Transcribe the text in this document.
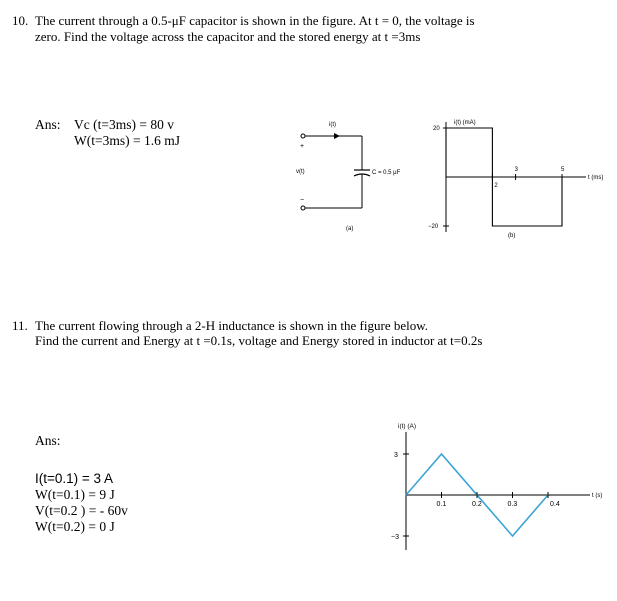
10. The current through a 0.5-μF capacitor is shown in the figure. At t = 0, the voltage is
zero. Find the voltage across the capacitor and the stored energy at t =3ms
Ans: Vc (t=3ms) = 80 v
W(t=3ms) = 1.6 mJ
i(t)
C = 0.5 μF
+
v(t)
−
(a)
i(t) (mA)
t (ms)
(b)
20
−20
2
3	5
11. The current flowing through a 2-H inductance is shown in the figure below.
Find the current and Energy at t =0.1s, voltage and Energy stored in inductor at t=0.2s
Ans:
I(t=0.1) = 3 A
W(t=0.1) = 9 J
V(t=0.2 ) = - 60v
W(t=0.2) = 0 J
i(t) (A)
t (s)
3
−3
0.1	0.2	0.3	0.4
